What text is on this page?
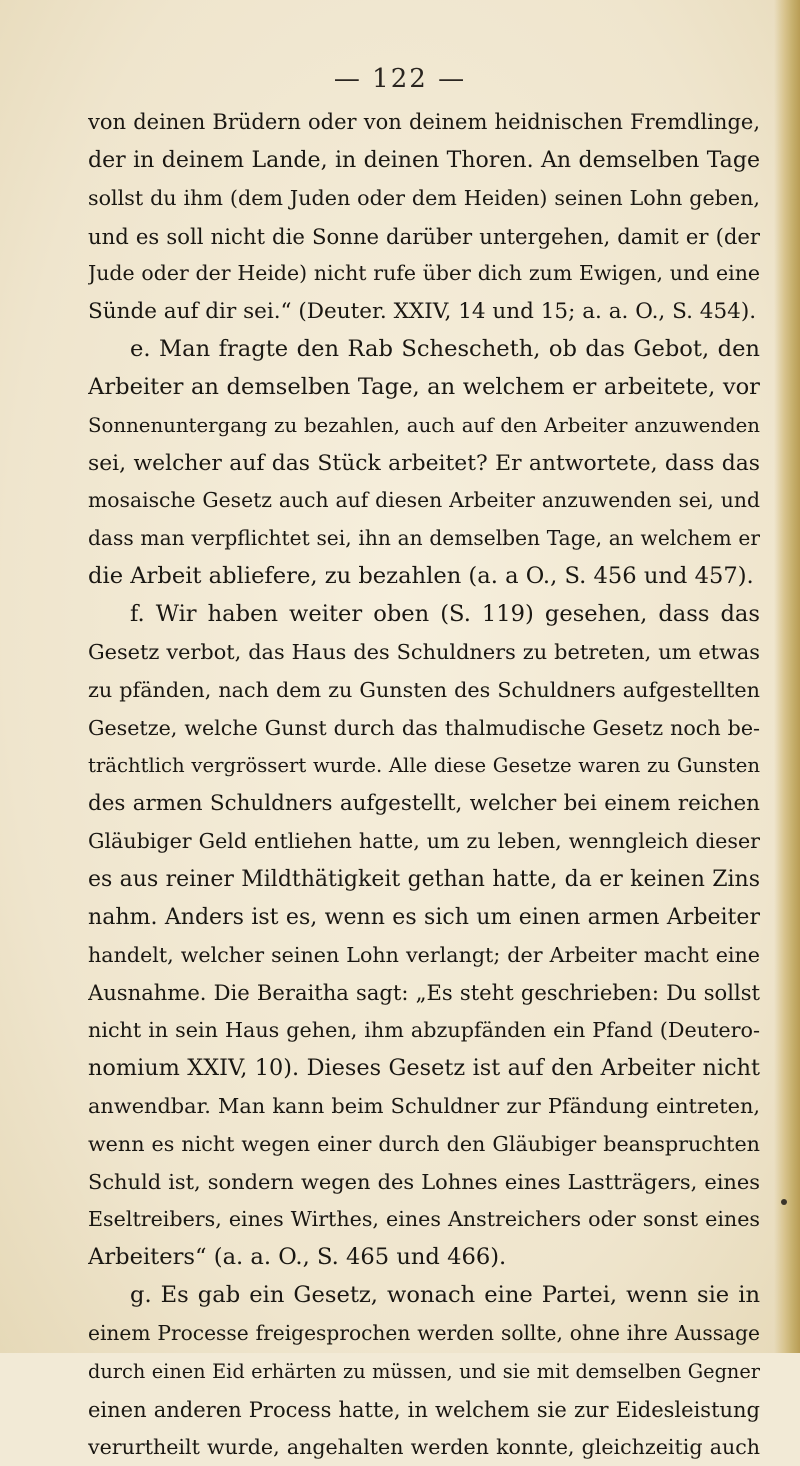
— 122 —
von deinen Brüdern oder von deinem heidnischen Fremdlinge,
der in deinem Lande, in deinen Thoren. An demselben Tage
sollst du ihm (dem Juden oder dem Heiden) seinen Lohn geben,
und es soll nicht die Sonne darüber untergehen, damit er (der
Jude oder der Heide) nicht rufe über dich zum Ewigen, und eine
Sünde auf dir sei.“ (Deuter. XXIV, 14 und 15; a. a. O., S. 454).
e. Man fragte den Rab Schescheth, ob das Gebot, den
Arbeiter an demselben Tage, an welchem er arbeitete, vor
Sonnenuntergang zu bezahlen, auch auf den Arbeiter anzuwenden
sei, welcher auf das Stück arbeitet? Er antwortete, dass das
mosaische Gesetz auch auf diesen Arbeiter anzuwenden sei, und
dass man verpflichtet sei, ihn an demselben Tage, an welchem er
die Arbeit abliefere, zu bezahlen (a. a O., S. 456 und 457).
f. Wir haben weiter oben (S. 119) gesehen, dass das
Gesetz verbot, das Haus des Schuldners zu betreten, um etwas
zu pfänden, nach dem zu Gunsten des Schuldners aufgestellten
Gesetze, welche Gunst durch das thalmudische Gesetz noch be-
trächtlich vergrössert wurde. Alle diese Gesetze waren zu Gunsten
des armen Schuldners aufgestellt, welcher bei einem reichen
Gläubiger Geld entliehen hatte, um zu leben, wenngleich dieser
es aus reiner Mildthätigkeit gethan hatte, da er keinen Zins
nahm. Anders ist es, wenn es sich um einen armen Arbeiter
handelt, welcher seinen Lohn verlangt; der Arbeiter macht eine
Ausnahme. Die Beraitha sagt: „Es steht geschrieben: Du sollst
nicht in sein Haus gehen, ihm abzupfänden ein Pfand (Deutero-
nomium XXIV, 10). Dieses Gesetz ist auf den Arbeiter nicht
anwendbar. Man kann beim Schuldner zur Pfändung eintreten,
wenn es nicht wegen einer durch den Gläubiger beanspruchten
Schuld ist, sondern wegen des Lohnes eines Lastträgers, eines
Eseltreibers, eines Wirthes, eines Anstreichers oder sonst eines
Arbeiters“ (a. a. O., S. 465 und 466).
g. Es gab ein Gesetz, wonach eine Partei, wenn sie in
einem Processe freigesprochen werden sollte, ohne ihre Aussage
durch einen Eid erhärten zu müssen, und sie mit demselben Gegner
einen anderen Process hatte, in welchem sie zur Eidesleistung
verurtheilt wurde, angehalten werden konnte, gleichzeitig auch
